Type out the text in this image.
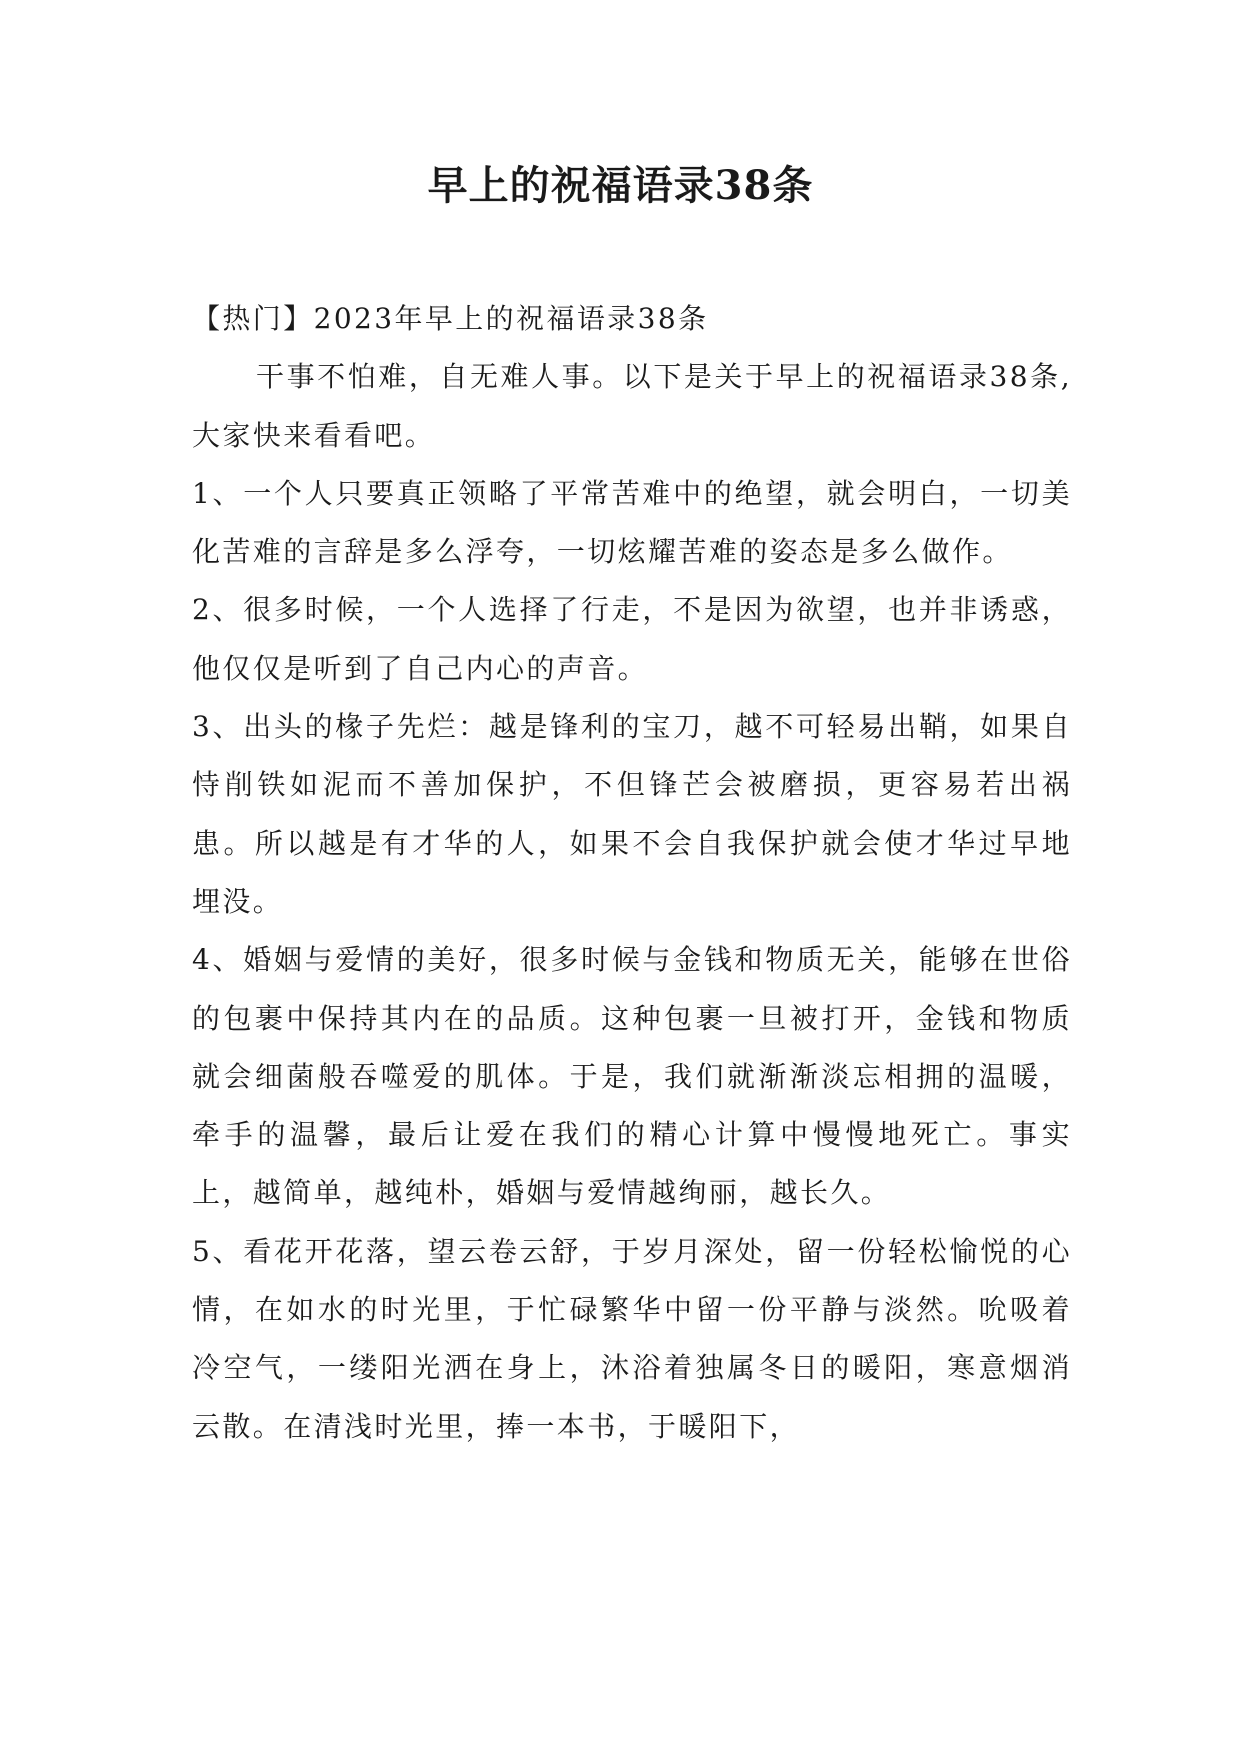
早上的祝福语录38条

【热门】2023年早上的祝福语录38条

干事不怕难，自无难人事。以下是关于早上的祝福语录38条,大家快来看看吧。

1、一个人只要真正领略了平常苦难中的绝望，就会明白，一切美化苦难的言辞是多么浮夸，一切炫耀苦难的姿态是多么做作。

2、很多时候，一个人选择了行走，不是因为欲望，也并非诱惑，他仅仅是听到了自己内心的声音。

3、出头的椽子先烂：越是锋利的宝刀，越不可轻易出鞘，如果自恃削铁如泥而不善加保护，不但锋芒会被磨损，更容易若出祸患。所以越是有才华的人，如果不会自我保护就会使才华过早地埋没。

4、婚姻与爱情的美好，很多时候与金钱和物质无关，能够在世俗的包裹中保持其内在的品质。这种包裹一旦被打开，金钱和物质就会细菌般吞噬爱的肌体。于是，我们就渐渐淡忘相拥的温暖，牵手的温馨，最后让爱在我们的精心计算中慢慢地死亡。事实上，越简单，越纯朴，婚姻与爱情越绚丽，越长久。

5、看花开花落，望云卷云舒，于岁月深处，留一份轻松愉悦的心情，在如水的时光里，于忙碌繁华中留一份平静与淡然。吮吸着冷空气，一缕阳光洒在身上，沐浴着独属冬日的暖阳，寒意烟消云散。在清浅时光里，捧一本书，于暖阳下，
